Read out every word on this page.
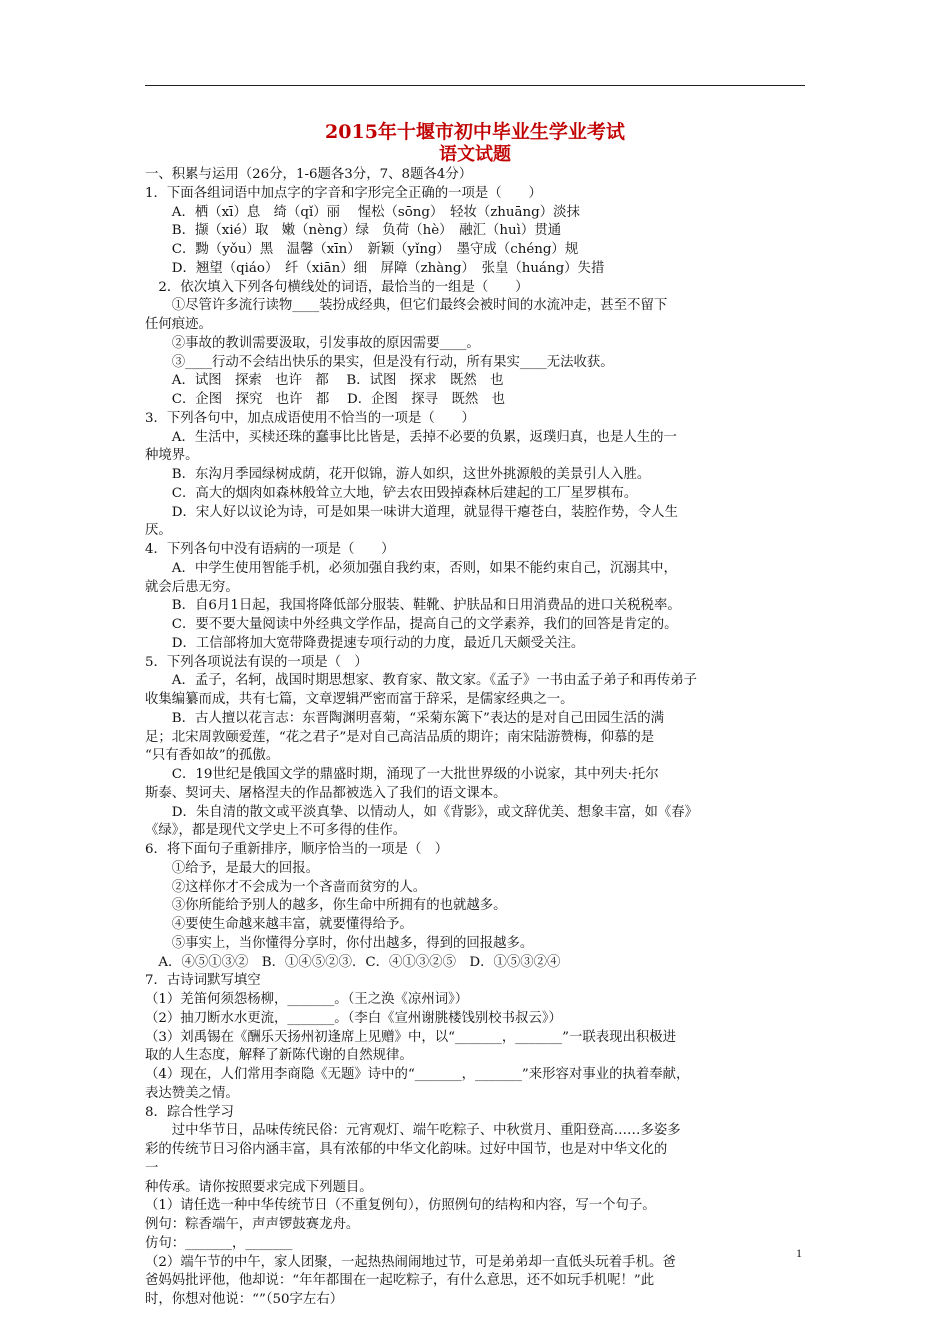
2015年十堰市初中毕业生学业考试
语文试题
一、积累与运用（26分，1-6题各3分，7、8题各4分）
1．下面各组词语中加点字的字音和字形完全正确的一项是（　　）
　　A．栖（xī）息　绮（qǐ）丽　 惺松（sōng）　轻妆（zhuāng）淡抹
　　B．撷（xié）取　嫩（nèng）绿　负荷（hè）　融汇（huì）贯通
　　C．黝（yǒu）黑　温馨（xīn）　新颖（yǐng）　墨守成（chéng）规
　　D．翘望（qiáo）　纤（xiān）细　屏障（zhàng）　张皇（huáng）失措
　2．依次填入下列各句横线处的词语，最恰当的一组是（　　）
　　①尽管许多流行读物____装扮成经典，但它们最终会被时间的水流冲走，甚至不留下
任何痕迹。
　　②事故的教训需要汲取，引发事故的原因需要____。
　　③____行动不会结出快乐的果实，但是没有行动，所有果实____无法收获。
　　A．试图　探索　也许　都　 B．试图　探求　既然　也
　　C．企图　探究　也许　都　 D．企图　探寻　既然　也
3．下列各句中，加点成语使用不恰当的一项是（　　）
　　A．生活中，买椟还珠的蠢事比比皆是，丢掉不必要的负累，返璞归真，也是人生的一
种境界。
　　B．东沟月季园绿树成荫，花开似锦，游人如织，这世外挑源般的美景引人入胜。
　　C．高大的烟肉如森林般耸立大地，铲去农田毁掉森林后建起的工厂星罗棋布。
　　D．宋人好以议论为诗，可是如果一味讲大道理，就显得干瘪苍白，装腔作势，令人生
厌。
4．下列各句中没有语病的一项是（　　）
　　A．中学生使用智能手机，必须加强自我约束，否则，如果不能约束自己，沉溺其中，
就会后患无穷。
　　B．自6月1日起，我国将降低部分服装、鞋靴、护肤品和日用消费品的进口关税税率。
　　C．要不要大量阅读中外经典文学作品，提高自己的文学素养，我们的回答是肯定的。
　　D．工信部将加大宽带降费提速专项行动的力度，最近几天颇受关注。
5．下列各项说法有误的一项是（　）
　　A．孟子，名轲，战国时期思想家、教育家、散文家。《孟子》一书由孟子弟子和再传弟子
收集编纂而成，共有七篇，文章逻辑严密而富于辞采，是儒家经典之一。
　　B．古人擅以花言志：东晋陶渊明喜菊，“采菊东篱下”表达的是对自己田园生活的满
足；北宋周敦颐爱莲，“花之君子”是对自己高洁品质的期许；南宋陆游赞梅，仰慕的是
“只有香如故”的孤傲。
　　C．19世纪是俄国文学的鼎盛时期，涌现了一大批世界级的小说家，其中列夫·托尔
斯泰、契诃夫、屠格涅夫的作品都被选入了我们的语文课本。
　　D．朱自清的散文或平淡真挚、以情动人，如《背影》，或文辞优美、想象丰富，如《春》
《绿》，都是现代文学史上不可多得的佳作。
6．将下面句子重新排序，顺序恰当的一项是（　）
　　①给予，是最大的回报。
　　②这样你才不会成为一个吝啬而贫穷的人。
　　③你所能给予别人的越多，你生命中所拥有的也就越多。
　　④要使生命越来越丰富，就要懂得给予。
　　⑤事实上，当你懂得分享时，你付出越多，得到的回报越多。
　A．④⑤①③②　B．①④⑤②③．C．④①③②⑤　D．①⑤③②④
7．古诗词默写填空
（1）羌笛何须怨杨柳，_______。（王之涣《凉州词》）
（2）抽刀断水水更流，_______。（李白《宣州谢朓楼饯别校书叔云》）
（3）刘禹锡在《酬乐天扬州初逢席上见赠》中，以“_______，_______”一联表现出积极进
取的人生态度，解释了新陈代谢的自然规律。
（4）现在，人们常用李商隐《无题》诗中的“_______，_______”来形容对事业的执着奉献，
表达赞美之情。
8．踪合性学习
　　过中华节日，品味传统民俗：元宵观灯、端午吃粽子、中秋赏月、重阳登高……多姿多
彩的传统节日习俗内涵丰富，具有浓郁的中华文化韵味。过好中国节，也是对中华文化的
一
种传承。请你按照要求完成下列题目。
（1）请任选一种中华传统节日（不重复例句），仿照例句的结构和内容，写一个句子。
例句：粽香端午，声声锣鼓赛龙舟。
仿句：_______，_______
（2）端午节的中午，家人团聚，一起热热闹闹地过节，可是弟弟却一直低头玩着手机。爸
爸妈妈批评他，他却说：“年年都围在一起吃粽子，有什么意思，还不如玩手机呢！”此
时，你想对他说：“”（50字左右）
1
